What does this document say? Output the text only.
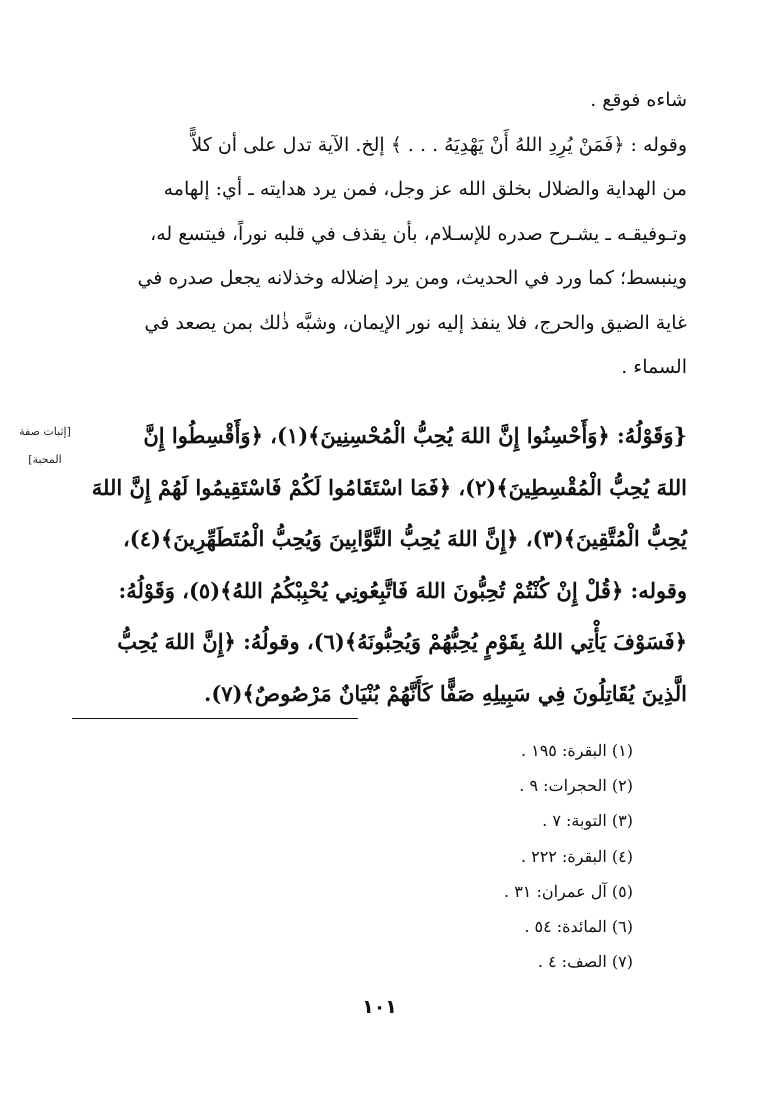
شاءه فوقع .
وقوله : ﴿فَمَنْ يُرِدِ اللهُ أَنْ يَهْدِيَهُ . . . ﴾ إلخ. الآية تدل على أن كلاًّ
من الهداية والضلال بخلق الله عز وجل، فمن يرد هدايته ـ أي: إلهامه
وتـوفيقـه ـ يشـرح صدره للإسـلام، بأن يقذف في قلبه نوراً، فيتسع له،
وينبسط؛ كما ورد في الحديث، ومن يرد إضلاله وخذلانه يجعل صدره في
غاية الضيق والحرج، فلا ينفذ إليه نور الإيمان، وشبَّه ذٰلك بمن يصعد في
السماء .
[إثبات صفة
المحبة]
{وَقَوْلُهُ: ﴿وَأَحْسِنُوا إِنَّ اللهَ يُحِبُّ الْمُحْسِنِينَ﴾(١)، ﴿وَأَقْسِطُوا إِنَّ
اللهَ يُحِبُّ الْمُقْسِطِينَ﴾(٢)، ﴿فَمَا اسْتَقَامُوا لَكُمْ فَاسْتَقِيمُوا لَهُمْ إِنَّ اللهَ
يُحِبُّ الْمُتَّقِينَ﴾(٣)، ﴿إِنَّ اللهَ يُحِبُّ التَّوَّابِينَ وَيُحِبُّ الْمُتَطَهِّرِينَ﴾(٤)،
وقوله: ﴿قُلْ إِنْ كُنْتُمْ تُحِبُّونَ اللهَ فَاتَّبِعُونِي يُحْبِبْكُمُ اللهُ﴾(٥)، وَقَوْلُهُ:
﴿فَسَوْفَ يَأْتِي اللهُ بِقَوْمٍ يُحِبُّهُمْ وَيُحِبُّونَهُ﴾(٦)، وقولُهُ: ﴿إِنَّ اللهَ يُحِبُّ
الَّذِينَ يُقَاتِلُونَ فِي سَبِيلِهِ صَفًّا كَأَنَّهُمْ بُنْيَانٌ مَرْصُوصٌ﴾(٧).
(١) البقرة: ١٩٥ .
(٢) الحجرات: ٩ .
(٣) التوبة: ٧ .
(٤) البقرة: ٢٢٢ .
(٥) آل عمران: ٣١ .
(٦) المائدة: ٥٤ .
(٧) الصف: ٤ .
١٠١
